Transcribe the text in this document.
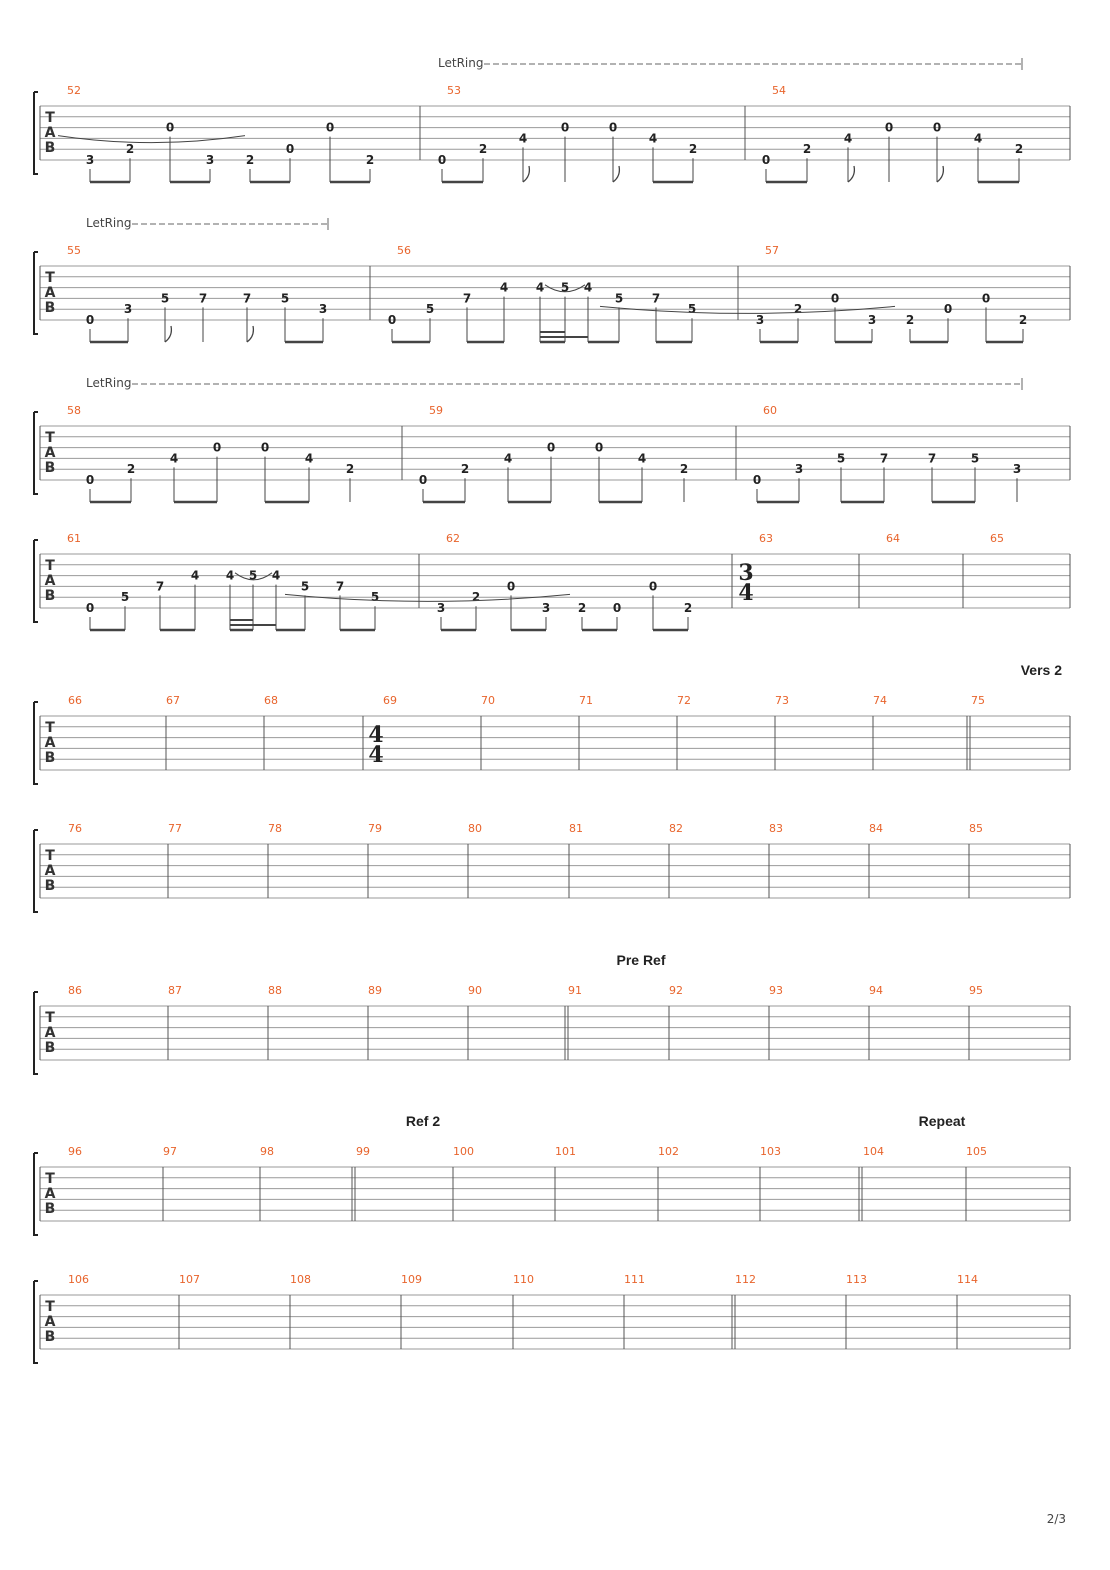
T
A
B
52
3
2
0
3	2
0
0
2
53
0
2
4
0	0
4
2
54
0
2
4
0	0
4
2
LetRing
T
A
B
55
0
3
5 7	7 5
3
56
0
5
7
4 4 5 4
5 7
5
57
3
2
0
3 2
0
0
2
LetRing
T
A
B
58
0
2
4
0	0
4
2
59
0
2
4
0	0
4
2
60
0
3
5	7	7	5
3
LetRing
T
A
B
61
0
5
7
4 4 5 4
5 7
5
62
3
2
0
3 2 0
0
2
63
3
4
64	65
T
A
B
66	67	68	69	70	71	72	73	74	75
4
4
Vers 2
T
A
B
76	77	78	79	80	81	82	83	84	85
T
A
B
86	87	88	89	90	91	92	93	94	95
Pre Ref
T
A
B
96	97	98	99	100	101	102	103	104	105
Ref 2	Repeat
T
A
B
106	107	108	109	110	111	112	113	114
2/3
